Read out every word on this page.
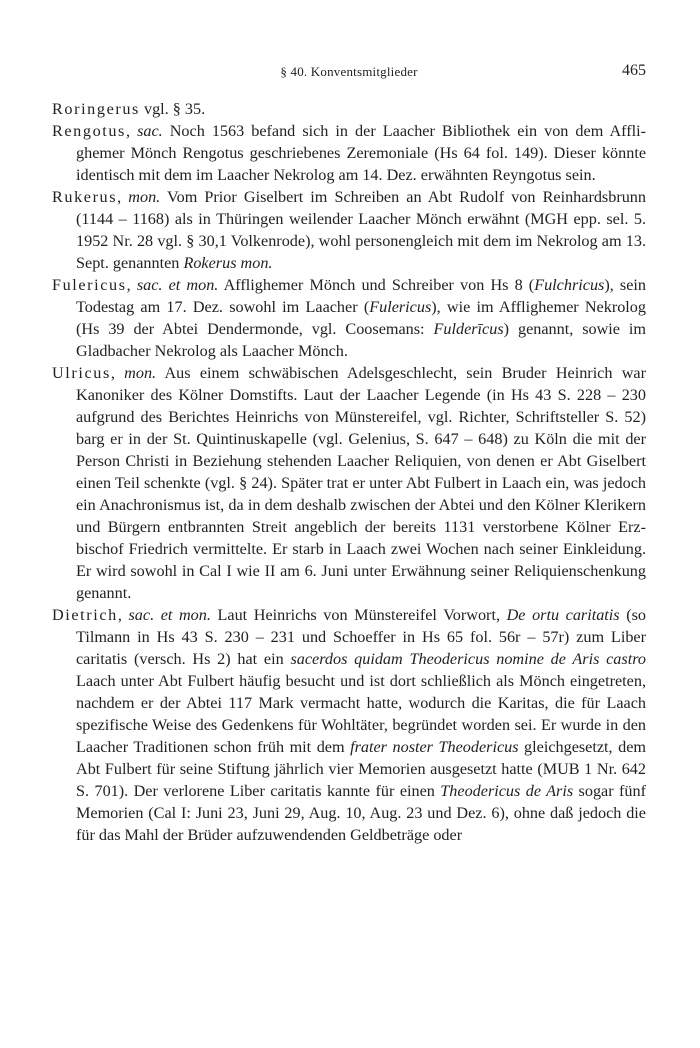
§ 40. Konventsmitglieder	465

Roringerus vgl. § 35.

Rengotus, sac. Noch 1563 befand sich in der Laacher Bibliothek ein von dem Afflighemer Mönch Rengotus geschriebenes Zeremoniale (Hs 64 fol. 149). Dieser könnte identisch mit dem im Laacher Nekrolog am 14. Dez. erwähnten Reyngotus sein.

Rukerus, mon. Vom Prior Giselbert im Schreiben an Abt Rudolf von Reinhardsbrunn (1144 – 1168) als in Thüringen weilender Laacher Mönch erwähnt (MGH epp. sel. 5. 1952 Nr. 28 vgl. § 30,1 Volkenrode), wohl personengleich mit dem im Nekrolog am 13. Sept. genannten Rokerus mon.

Fulericus, sac. et mon. Afflighemer Mönch und Schreiber von Hs 8 (Fulchricus), sein Todestag am 17. Dez. sowohl im Laacher (Fulericus), wie im Afflighemer Nekrolog (Hs 39 der Abtei Dendermonde, vgl. Coosemans: Fulderīcus) genannt, sowie im Gladbacher Nekrolog als Laacher Mönch.

Ulricus, mon. Aus einem schwäbischen Adelsgeschlecht, sein Bruder Heinrich war Kanoniker des Kölner Domstifts. Laut der Laacher Legende (in Hs 43 S. 228 – 230 aufgrund des Berichtes Heinrichs von Münstereifel, vgl. Richter, Schriftsteller S. 52) barg er in der St. Quintinuskapelle (vgl. Gelenius, S. 647 – 648) zu Köln die mit der Person Christi in Beziehung stehenden Laacher Reliquien, von denen er Abt Giselbert einen Teil schenkte (vgl. § 24). Später trat er unter Abt Fulbert in Laach ein, was jedoch ein Anachronismus ist, da in dem deshalb zwischen der Abtei und den Kölner Klerikern und Bürgern entbrannten Streit angeblich der bereits 1131 verstorbene Kölner Erzbischof Friedrich vermittelte. Er starb in Laach zwei Wochen nach seiner Einkleidung. Er wird sowohl in Cal I wie II am 6. Juni unter Erwähnung seiner Reliquienschenkung genannt.

Dietrich, sac. et mon. Laut Heinrichs von Münstereifel Vorwort, De ortu caritatis (so Tilmann in Hs 43 S. 230 – 231 und Schoeffer in Hs 65 fol. 56r – 57r) zum Liber caritatis (versch. Hs 2) hat ein sacerdos quidam Theodericus nomine de Aris castro Laach unter Abt Fulbert häufig besucht und ist dort schließlich als Mönch eingetreten, nachdem er der Abtei 117 Mark vermacht hatte, wodurch die Karitas, die für Laach spezifische Weise des Gedenkens für Wohltäter, begründet worden sei. Er wurde in den Laacher Traditionen schon früh mit dem frater noster Theodericus gleichgesetzt, dem Abt Fulbert für seine Stiftung jährlich vier Memorien ausgesetzt hatte (MUB 1 Nr. 642 S. 701). Der verlorene Liber caritatis kannte für einen Theodericus de Aris sogar fünf Memorien (Cal I: Juni 23, Juni 29, Aug. 10, Aug. 23 und Dez. 6), ohne daß jedoch die für das Mahl der Brüder aufzuwendenden Geldbeträge oder
